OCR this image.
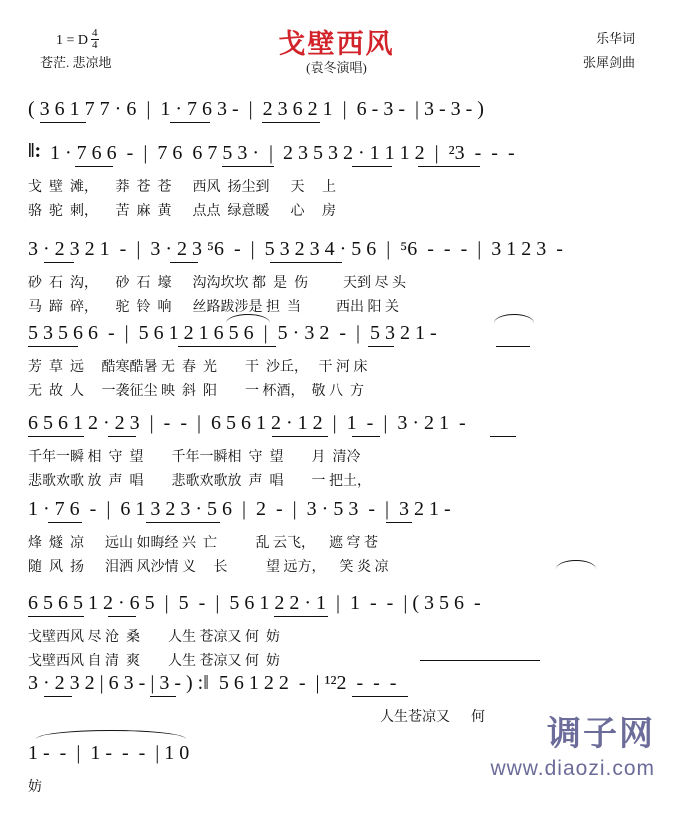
1 = D $\frac{4}{4}$	戈壁西风
(袁冬演唱)
苍茫. 悲凉地
乐华词
张犀剑曲
( 3 6 1 7 7 · 6  |  1 · 7 6 3 -  |  2 3 6 2 1  |  6 - 3 -  | 3 - 3 - )
‖: 1 · 7 6 6  -  |  7 6  6 7 5 3 ·  |  2 3 5 3 2 · 1 1 1 2  |  ²3  -  -  -
戈  壁  滩，     莽  苍  苍      西风  扬尘到      天     上
骆  驼  刺，     苦  麻  黄      点点  绿意暖      心     房
3 · 2 3 2 1  -  |  3 · 2 3 ⁵6  -  |  5 3 2 3 4 · 5 6  |  ⁵6  -  -  -  |  3 1 2 3  -
砂  石  沟，     砂  石  壕      沟沟坎坎 都  是  伤          天到 尽 头
马  蹄  碎，     驼  铃  响      丝路跋涉是 担  当          西出 阳 关
5 3 5 6 6  -  |  5 6 1 2 1 6 5 6  |  5 · 3 2  -  |  5 3 2 1 -
芳  草  远     酷寒酷暑 无  春  光        干  沙丘，   干 河 床
无  故  人     一袭征尘 映  斜  阳        一 杯酒，  敬 八  方
6 5 6 1 2 · 2 3  |  -  -  |  6 5 6 1 2 · 1 2  |  1  -  |  3 · 2 1  -
千年一瞬 相  守  望        千年一瞬相  守  望        月  清冷
悲歌欢歌 放  声  唱        悲歌欢歌放  声  唱        一 把土，
1 · 7 6  -  |  6 1 3 2 3 · 5 6  |  2  -  |  3 · 5 3  -  |  3 2 1 -
烽  燧  凉      远山 如晦经 兴  亡           乱 云飞，    遮 穹 苍
随  风  扬      泪洒 风沙情 义     长           望 远方，    笑 炎 凉
6 5 6 5 1 2 · 6 5  |  5  -  |  5 6 1 2 2 · 1  |  1  -  -  | ( 3 5 6  -
戈壁西风 尽 沧  桑        人生 苍凉又 何  妨
戈壁西风 自 清  爽        人生 苍凉又 何  妨
3 · 2 3 2 | 6 3 - | 3 - ) :‖  5 6 1 2 2  -  | ¹²2  -  -  -
人生苍凉又      何
1 -  -  |  1 -  -  -  | 1 0
妨
调子网
www.diaozi.com
